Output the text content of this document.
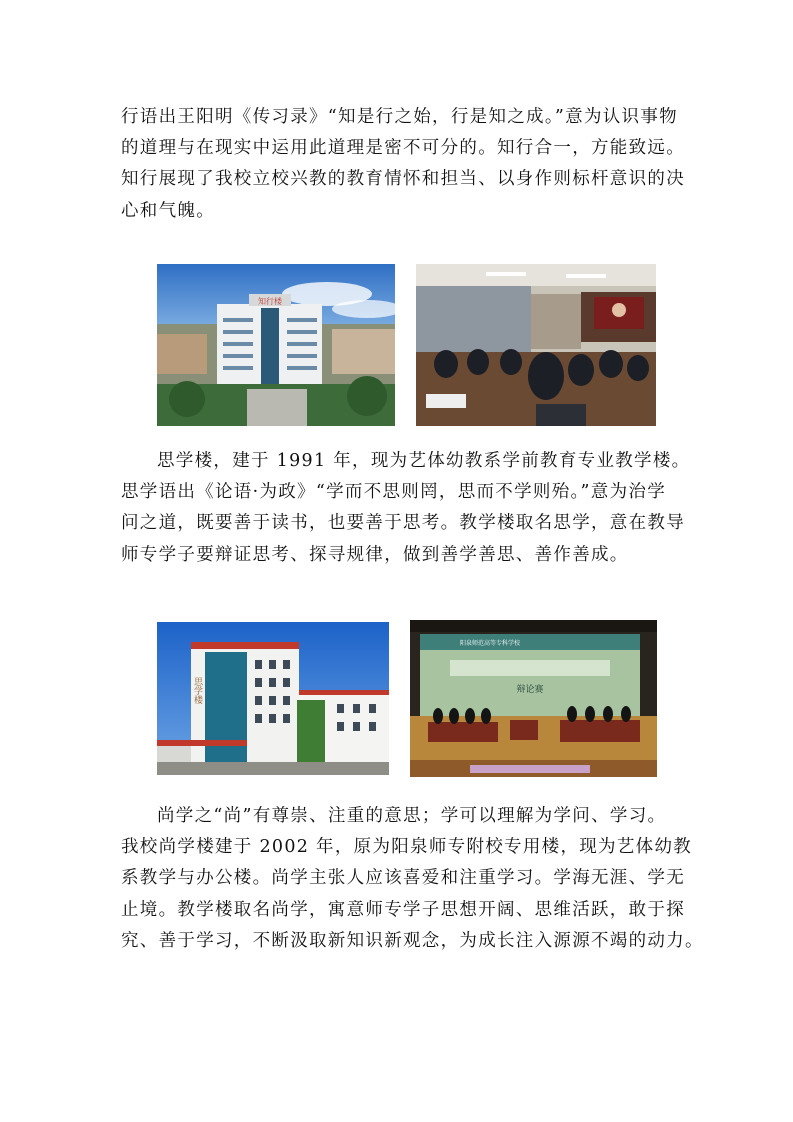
行语出王阳明《传习录》“知是行之始，行是知之成。”意为认识事物
的道理与在现实中运用此道理是密不可分的。知行合一，方能致远。
知行展现了我校立校兴教的教育情怀和担当、以身作则标杆意识的决
心和气魄。
知行楼
思学楼，建于 1991 年，现为艺体幼教系学前教育专业教学楼。
思学语出《论语·为政》“学而不思则罔，思而不学则殆。”意为治学
问之道，既要善于读书，也要善于思考。教学楼取名思学，意在教导
师专学子要辩证思考、探寻规律，做到善学善思、善作善成。
思学楼
阳泉师范高等专科学校
辩论赛
尚学之“尚”有尊崇、注重的意思；学可以理解为学问、学习。
我校尚学楼建于 2002 年，原为阳泉师专附校专用楼，现为艺体幼教
系教学与办公楼。尚学主张人应该喜爱和注重学习。学海无涯、学无
止境。教学楼取名尚学，寓意师专学子思想开阔、思维活跃，敢于探
究、善于学习，不断汲取新知识新观念，为成长注入源源不竭的动力。
